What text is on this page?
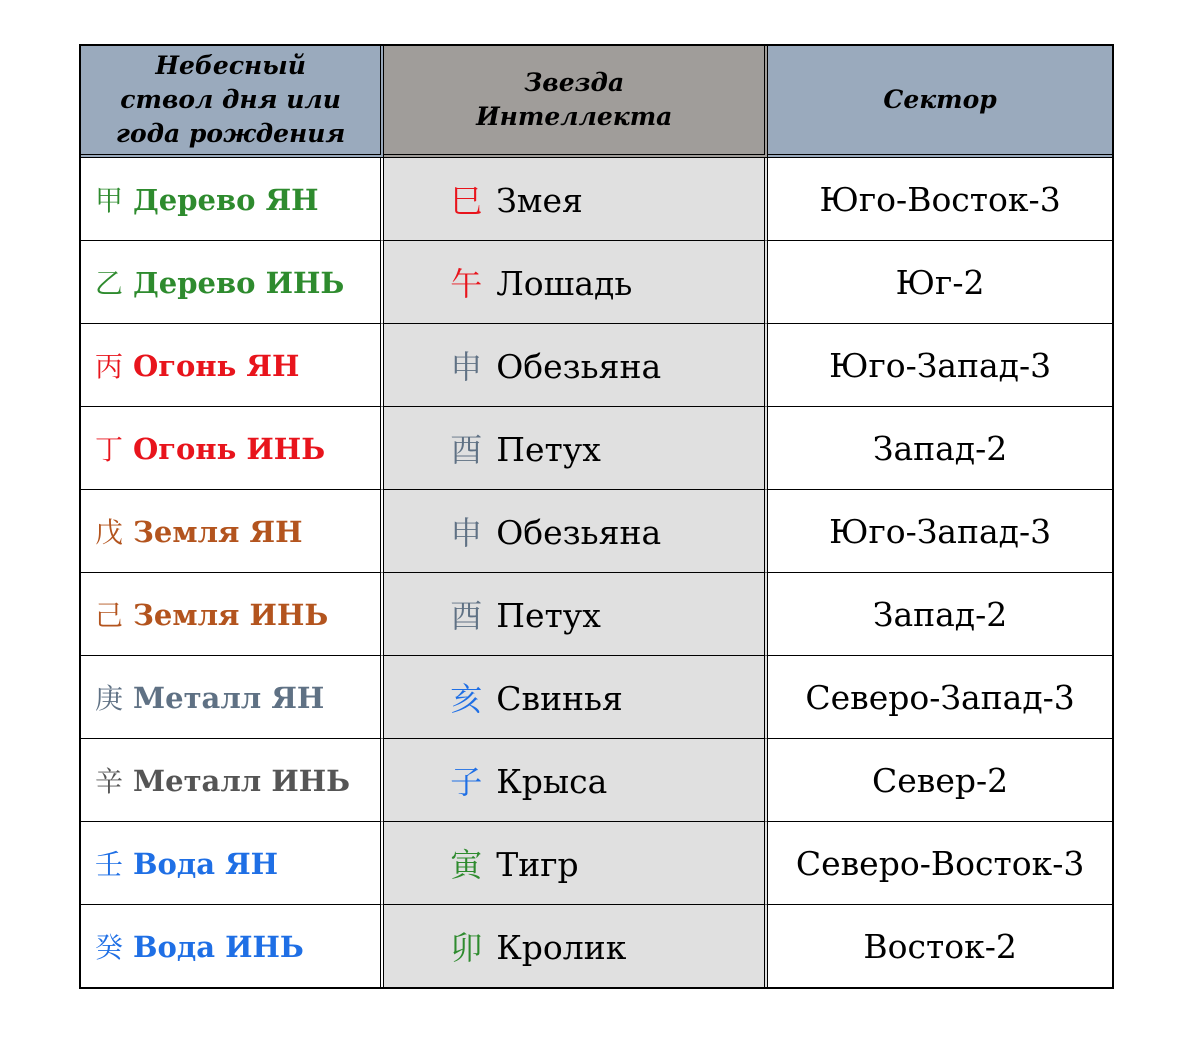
Небесный ствол дня или года рождения	Звезда Интеллекта	Сектор

甲 Дерево ЯН	巳 Змея	Юго-Восток-3
乙 Дерево ИНЬ	午 Лошадь	Юг-2
丙 Огонь ЯН	申 Обезьяна	Юго-Запад-3
丁 Огонь ИНЬ	酉 Петух	Запад-2
戊 Земля ЯН	申 Обезьяна	Юго-Запад-3
己 Земля ИНЬ	酉 Петух	Запад-2
庚 Металл ЯН	亥 Свинья	Северо-Запад-3
辛 Металл ИНЬ	子 Крыса	Север-2
壬 Вода ЯН	寅 Тигр	Северо-Восток-3
癸 Вода ИНЬ	卯 Кролик	Восток-2
